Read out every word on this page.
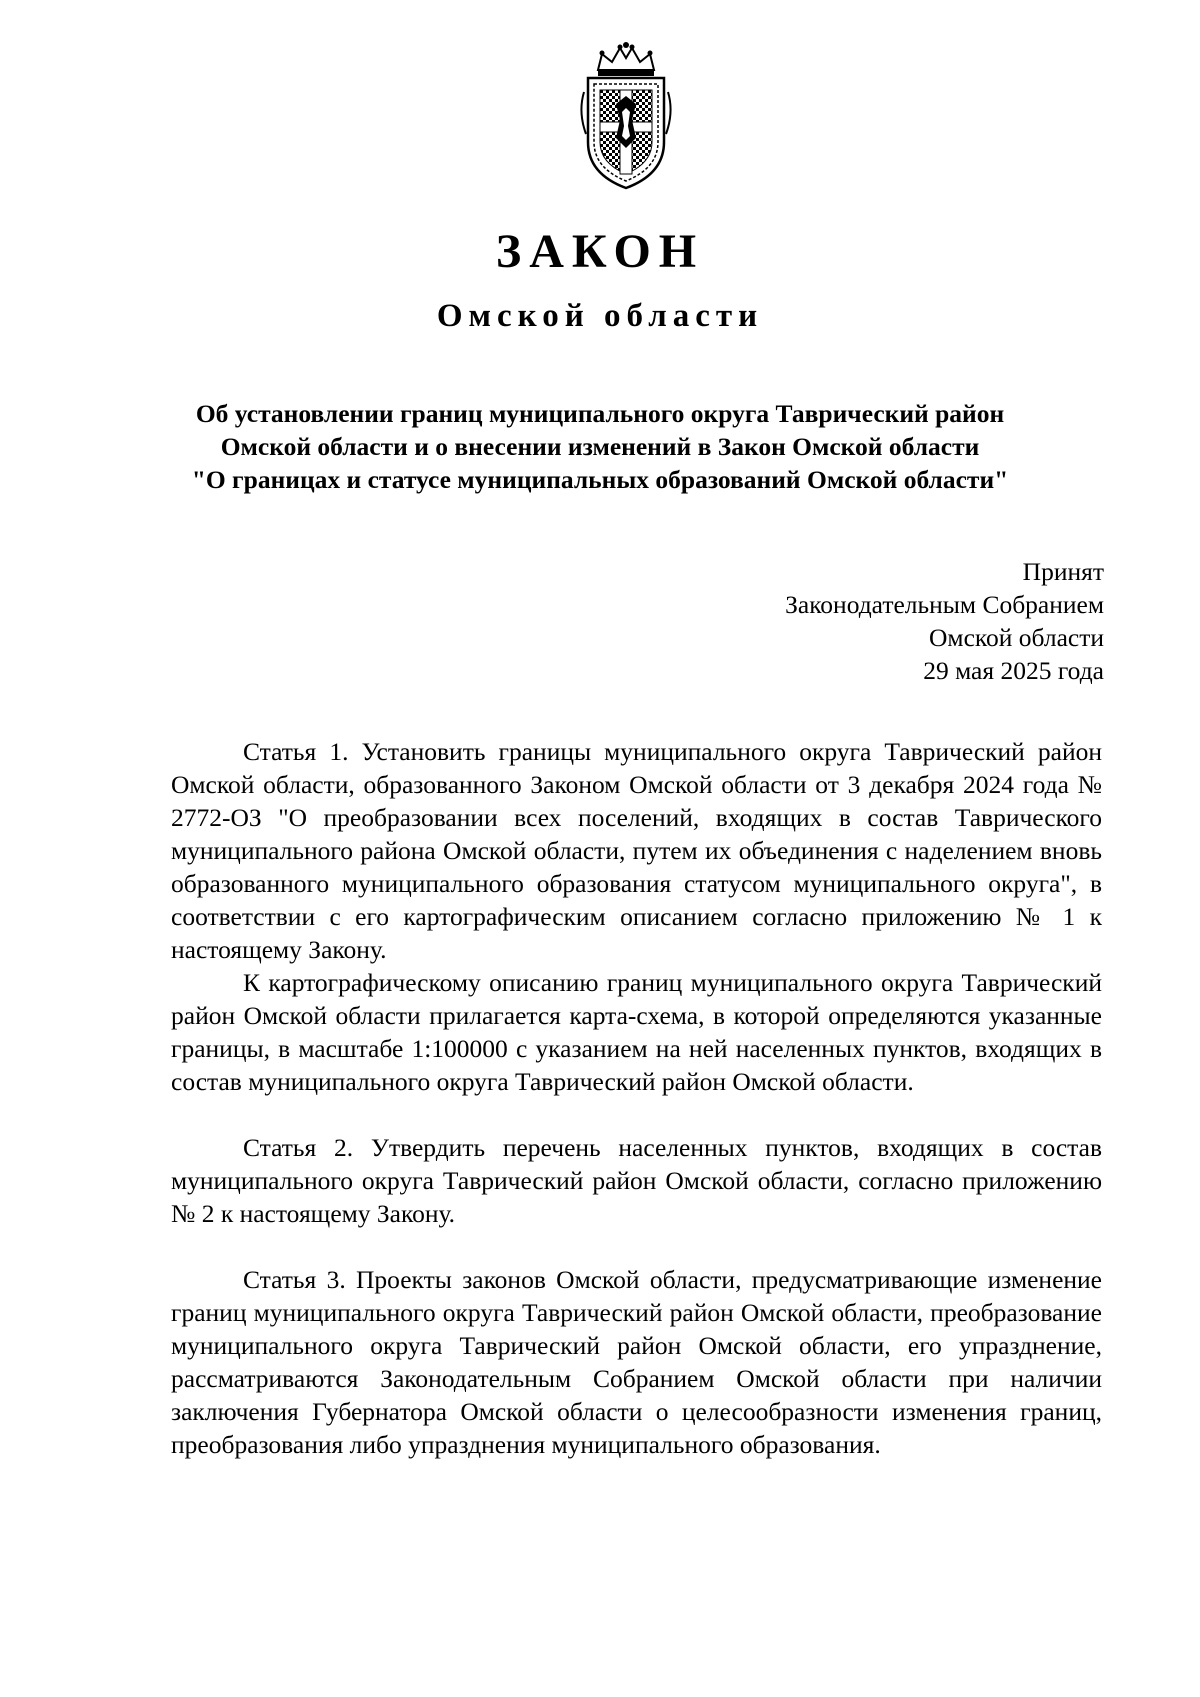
ЗАКОН
Омской области
Об установлении границ муниципального округа Таврический район
Омской области и о внесении изменений в Закон Омской области
"О границах и статусе муниципальных образований Омской области"
Принят
Законодательным Собранием
Омской области
29 мая 2025 года

Статья 1. Установить границы муниципального округа Таврический район Омской области, образованного Законом Омской области от 3 декабря 2024 года № 2772-ОЗ "О преобразовании всех поселений, входящих в состав Таврического муниципального района Омской области, путем их объединения с наделением вновь образованного муниципального образования статусом муниципального округа", в соответствии с его картографическим описанием согласно приложению № 1 к настоящему Закону.

К картографическому описанию границ муниципального округа Таврический район Омской области прилагается карта-схема, в которой определяются указанные границы, в масштабе 1:100000 с указанием на ней населенных пунктов, входящих в состав муниципального округа Таврический район Омской области.

Статья 2. Утвердить перечень населенных пунктов, входящих в состав муниципального округа Таврический район Омской области, согласно приложению № 2 к настоящему Закону.

Статья 3. Проекты законов Омской области, предусматривающие изменение границ муниципального округа Таврический район Омской области, преобразование муниципального округа Таврический район Омской области, его упразднение, рассматриваются Законодательным Собранием Омской области при наличии заключения Губернатора Омской области о целесообразности изменения границ, преобразования либо упразднения муниципального образования.
